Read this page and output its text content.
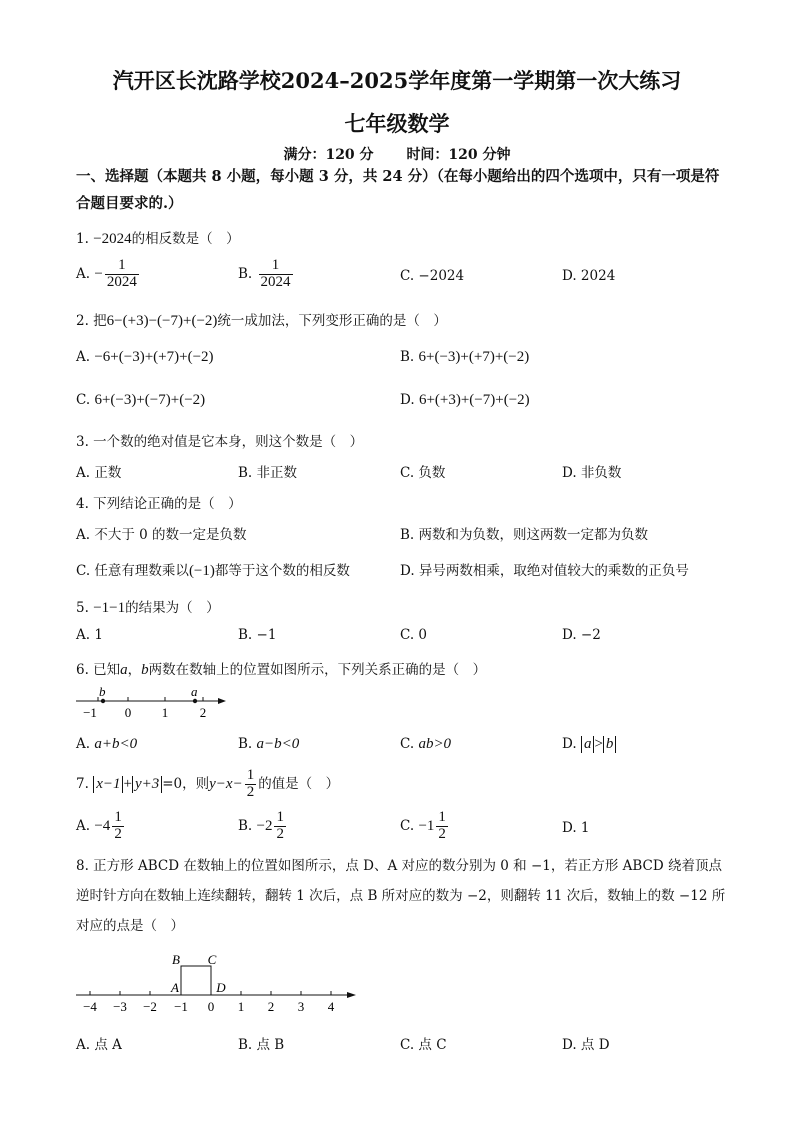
汽开区长沈路学校2024–2025学年度第一学期第一次大练习
七年级数学
满分：120 分 时间：120 分钟
一、选择题（本题共 8 小题，每小题 3 分，共 24 分）（在每小题给出的四个选项中，只有一项是符合题目要求的.）
1. −2024的相反数是（　）
A. − $\frac{1}{2024}$	B. $\frac{1}{2024}$	C. −2024	D. 2024
2. 把6−(+3)−(−7)+(−2)统一成加法，下列变形正确的是（　）
A. −6+(−3)+(+7)+(−2)	B. 6+(−3)+(+7)+(−2)
C. 6+(−3)+(−7)+(−2)	D. 6+(+3)+(−7)+(−2)
3. 一个数的绝对值是它本身，则这个数是（　）
A. 正数	B. 非正数	C. 负数	D. 非负数
4. 下列结论正确的是（　）
A. 不大于 0 的数一定是负数	B. 两数和为负数，则这两数一定都为负数
C. 任意有理数乘以(−1)都等于这个数的相反数	D. 异号两数相乘，取绝对值较大的乘数的正负号
5. −1−1的结果为（　）
A. 1	B. −1	C. 0	D. −2
6. 已知a，b两数在数轴上的位置如图所示，下列关系正确的是（　）
b	a
−1 0 1 2
A. a+b<0	B. a−b<0	C. ab>0	D. a > b
7. x−1 + y+3 =0，则$y-x- \frac{1}{2}$ 的值是（　）
A. $-4 \frac{1}{2}$	B. $-2 \frac{1}{2}$	C. $-1 \frac{1}{2}$	D. 1
8. 正方形 ABCD 在数轴上的位置如图所示，点 D、A 对应的数分别为 0 和 −1，若正方形 ABCD 绕着顶点逆时针方向在数轴上连续翻转，翻转 1 次后，点 B 所对应的数为 −2，则翻转 11 次后，数轴上的数 −12 所对应的点是（　）
B C
A	D
−4 −3 −2 −1 0 1 2 3 4
A. 点 A	B. 点 B	C. 点 C	D. 点 D
